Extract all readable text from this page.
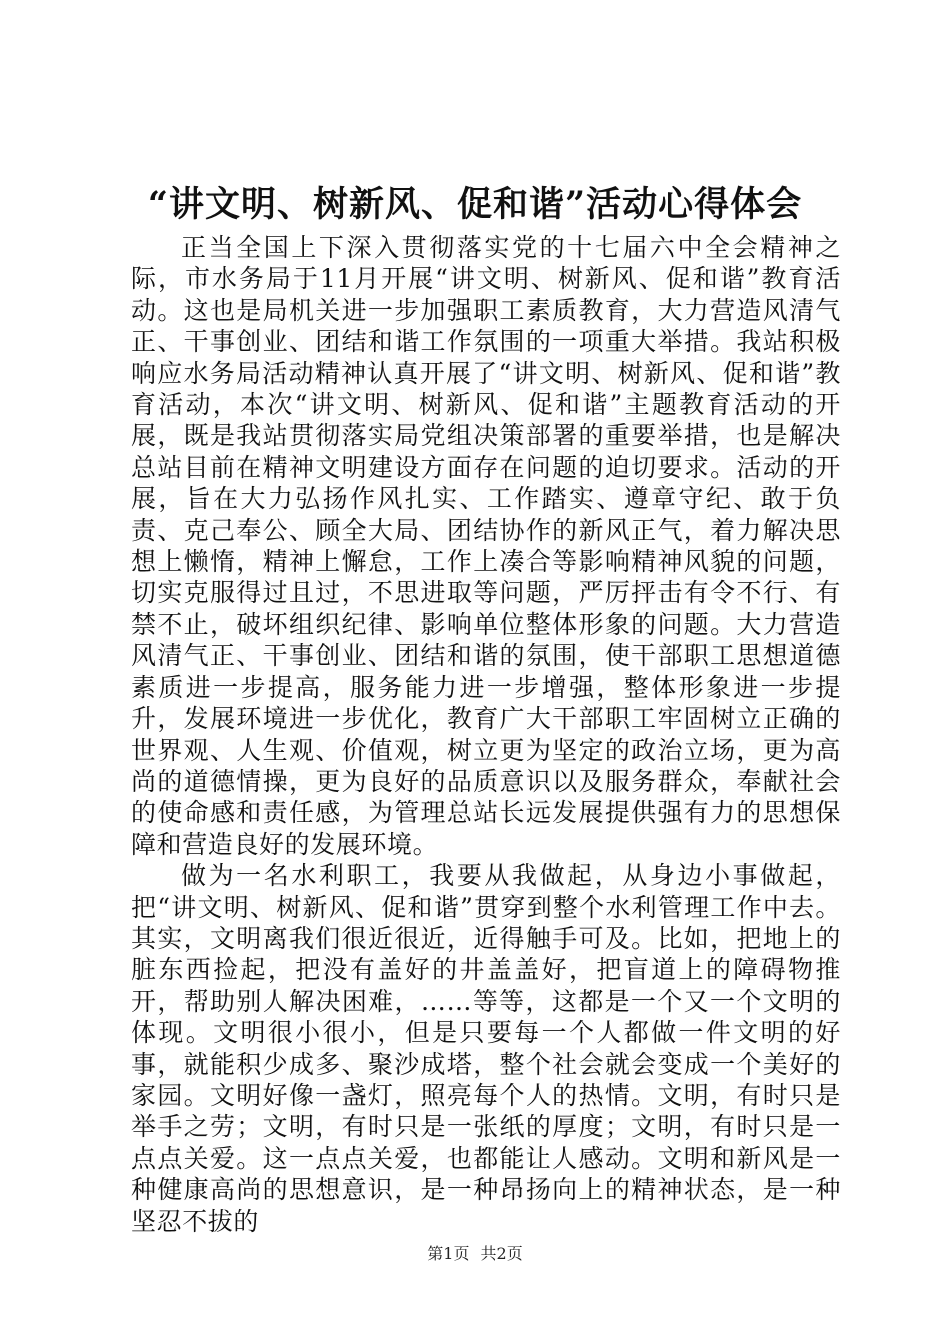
“讲文明、树新风、促和谐”活动心得体会

正当全国上下深入贯彻落实党的十七届六中全会精神之际，市水务局于11月开展“讲文明、树新风、促和谐”教育活动。这也是局机关进一步加强职工素质教育，大力营造风清气正、干事创业、团结和谐工作氛围的一项重大举措。我站积极响应水务局活动精神认真开展了“讲文明、树新风、促和谐”教育活动，本次“讲文明、树新风、促和谐”主题教育活动的开展，既是我站贯彻落实局党组决策部署的重要举措，也是解决总站目前在精神文明建设方面存在问题的迫切要求。活动的开展，旨在大力弘扬作风扎实、工作踏实、遵章守纪、敢于负责、克己奉公、顾全大局、团结协作的新风正气，着力解决思想上懒惰，精神上懈怠，工作上凑合等影响精神风貌的问题，切实克服得过且过，不思进取等问题，严厉抨击有令不行、有禁不止，破坏组织纪律、影响单位整体形象的问题。大力营造风清气正、干事创业、团结和谐的氛围，使干部职工思想道德素质进一步提高，服务能力进一步增强，整体形象进一步提升，发展环境进一步优化，教育广大干部职工牢固树立正确的世界观、人生观、价值观，树立更为坚定的政治立场，更为高尚的道德情操，更为良好的品质意识以及服务群众，奉献社会的使命感和责任感，为管理总站长远发展提供强有力的思想保障和营造良好的发展环境。

做为一名水利职工，我要从我做起，从身边小事做起，把“讲文明、树新风、促和谐”贯穿到整个水利管理工作中去。其实，文明离我们很近很近，近得触手可及。比如，把地上的脏东西捡起，把没有盖好的井盖盖好，把盲道上的障碍物推开，帮助别人解决困难，……等等，这都是一个又一个文明的体现。文明很小很小，但是只要每一个人都做一件文明的好事，就能积少成多、聚沙成塔，整个社会就会变成一个美好的家园。文明好像一盏灯，照亮每个人的热情。文明，有时只是举手之劳；文明，有时只是一张纸的厚度；文明，有时只是一点点关爱。这一点点关爱，也都能让人感动。文明和新风是一种健康高尚的思想意识，是一种昂扬向上的精神状态，是一种坚忍不拔的

第1页 共2页
